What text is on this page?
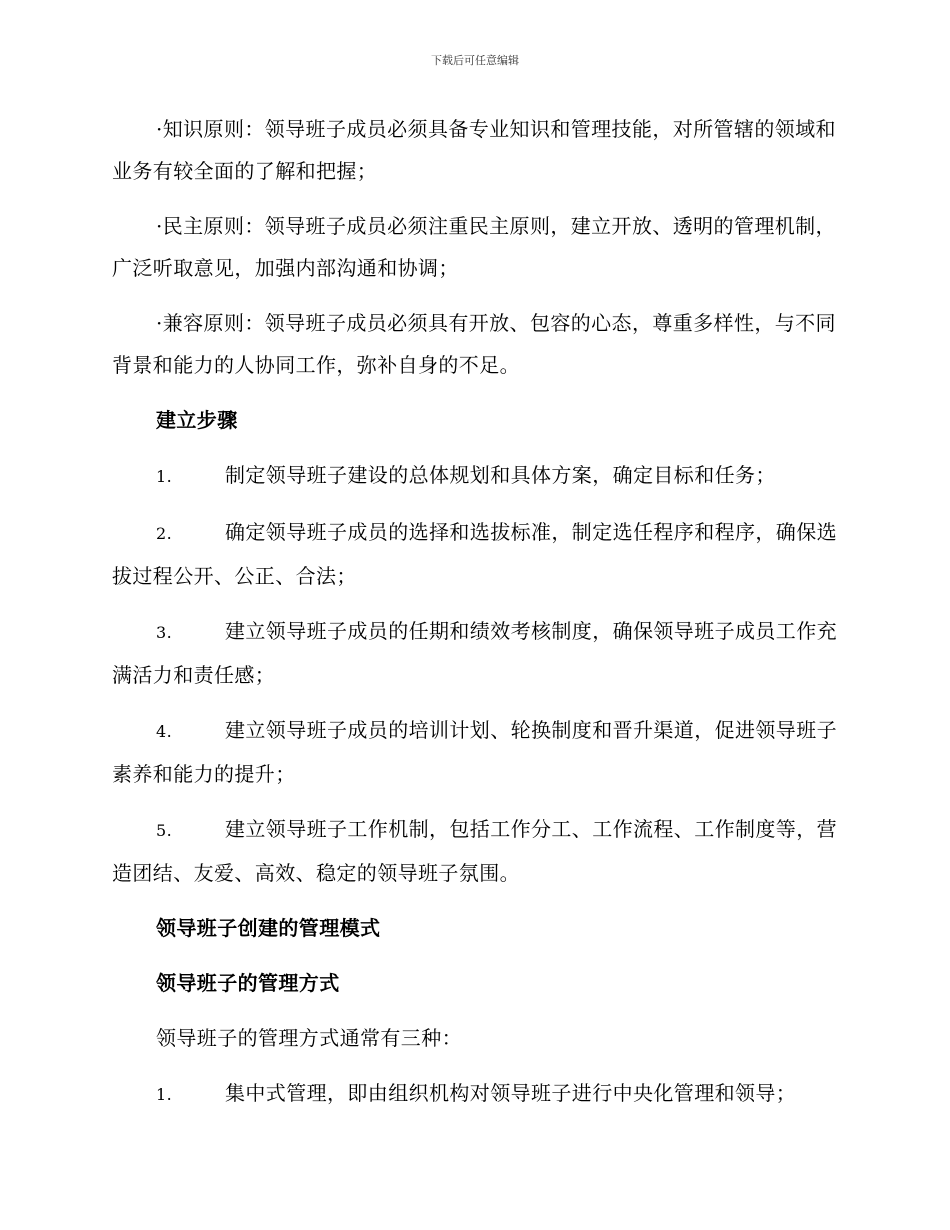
下载后可任意编辑

·知识原则：领导班子成员必须具备专业知识和管理技能，对所管辖的领域和业务有较全面的了解和把握；

·民主原则：领导班子成员必须注重民主原则，建立开放、透明的管理机制，广泛听取意见，加强内部沟通和协调；

·兼容原则：领导班子成员必须具有开放、包容的心态，尊重多样性，与不同背景和能力的人协同工作，弥补自身的不足。

建立步骤

1.	制定领导班子建设的总体规划和具体方案，确定目标和任务；

2.	确定领导班子成员的选择和选拔标准，制定选任程序和程序，确保选拔过程公开、公正、合法；

3.	建立领导班子成员的任期和绩效考核制度，确保领导班子成员工作充满活力和责任感；

4.	建立领导班子成员的培训计划、轮换制度和晋升渠道，促进领导班子素养和能力的提升；

5.	建立领导班子工作机制，包括工作分工、工作流程、工作制度等，营造团结、友爱、高效、稳定的领导班子氛围。

领导班子创建的管理模式

领导班子的管理方式

领导班子的管理方式通常有三种：

1.	集中式管理，即由组织机构对领导班子进行中央化管理和领导；
